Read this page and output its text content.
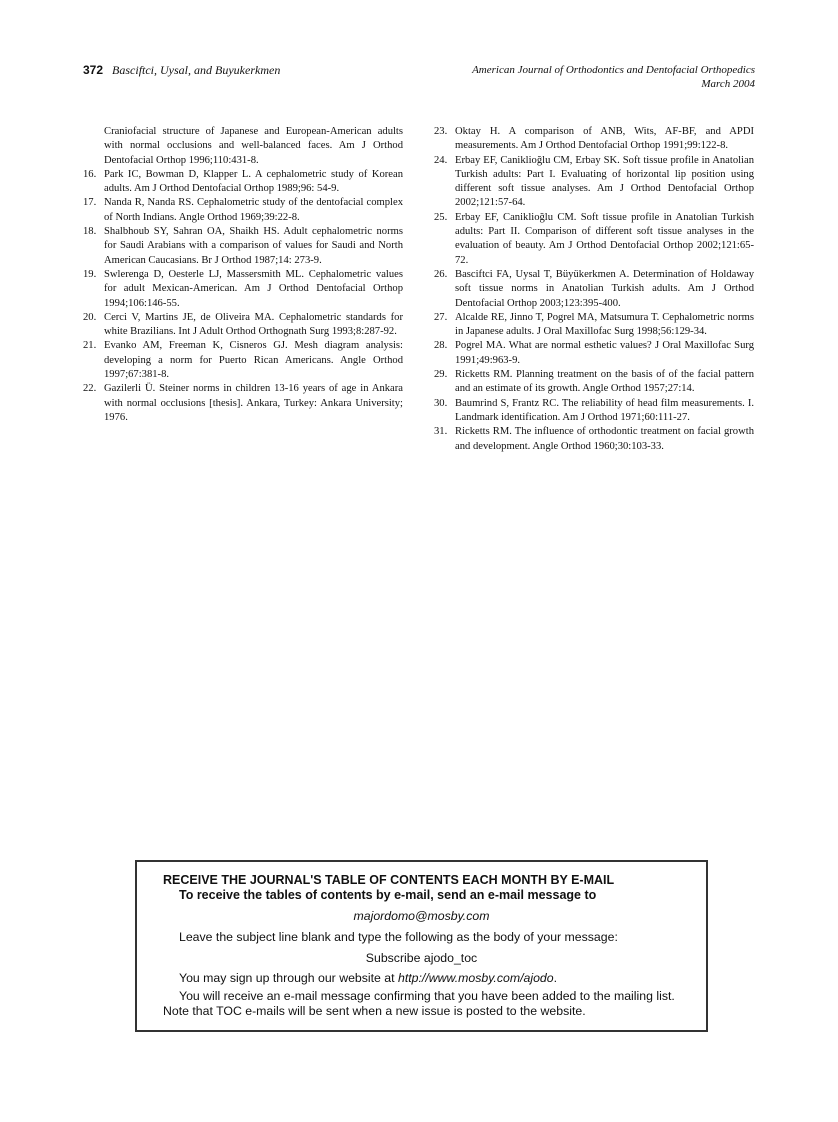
372 Basciftci, Uysal, and Buyukerkmen	American Journal of Orthodontics and Dentofacial Orthopedics
March 2004

Craniofacial structure of Japanese and European-American adults with normal occlusions and well-balanced faces. Am J Orthod Dentofacial Orthop 1996;110:431-8.

16. Park IC, Bowman D, Klapper L. A cephalometric study of Korean adults. Am J Orthod Dentofacial Orthop 1989;96: 54-9.

17. Nanda R, Nanda RS. Cephalometric study of the dentofacial complex of North Indians. Angle Orthod 1969;39:22-8.

18. Shalbhoub SY, Sahran OA, Shaikh HS. Adult cephalometric norms for Saudi Arabians with a comparison of values for Saudi and North American Caucasians. Br J Orthod 1987;14: 273-9.

19. Swlerenga D, Oesterle LJ, Massersmith ML. Cephalometric values for adult Mexican-American. Am J Orthod Dentofacial Orthop 1994;106:146-55.

20. Cerci V, Martins JE, de Oliveira MA. Cephalometric standards for white Brazilians. Int J Adult Orthod Orthognath Surg 1993;8:287-92.

21. Evanko AM, Freeman K, Cisneros GJ. Mesh diagram analysis: developing a norm for Puerto Rican Americans. Angle Orthod 1997;67:381-8.

22. Gazilerli Ü. Steiner norms in children 13-16 years of age in Ankara with normal occlusions [thesis]. Ankara, Turkey: Ankara University; 1976.

23. Oktay H. A comparison of ANB, Wits, AF-BF, and APDI measurements. Am J Orthod Dentofacial Orthop 1991;99:122-8.

24. Erbay EF, Caniklioğlu CM, Erbay SK. Soft tissue profile in Anatolian Turkish adults: Part I. Evaluating of horizontal lip position using different soft tissue analyses. Am J Orthod Dentofacial Orthop 2002;121:57-64.

25. Erbay EF, Caniklioğlu CM. Soft tissue profile in Anatolian Turkish adults: Part II. Comparison of different soft tissue analyses in the evaluation of beauty. Am J Orthod Dentofacial Orthop 2002;121:65-72.

26. Basciftci FA, Uysal T, Büyükerkmen A. Determination of Holdaway soft tissue norms in Anatolian Turkish adults. Am J Orthod Dentofacial Orthop 2003;123:395-400.

27. Alcalde RE, Jinno T, Pogrel MA, Matsumura T. Cephalometric norms in Japanese adults. J Oral Maxillofac Surg 1998;56:129-34.

28. Pogrel MA. What are normal esthetic values? J Oral Maxillofac Surg 1991;49:963-9.

29. Ricketts RM. Planning treatment on the basis of of the facial pattern and an estimate of its growth. Angle Orthod 1957;27:14.

30. Baumrind S, Frantz RC. The reliability of head film measurements. I. Landmark identification. Am J Orthod 1971;60:111-27.

31. Ricketts RM. The influence of orthodontic treatment on facial growth and development. Angle Orthod 1960;30:103-33.

RECEIVE THE JOURNAL'S TABLE OF CONTENTS EACH MONTH BY E-MAIL
To receive the tables of contents by e-mail, send an e-mail message to
majordomo@mosby.com
Leave the subject line blank and type the following as the body of your message:
Subscribe ajodo_toc
You may sign up through our website at http://www.mosby.com/ajodo.
You will receive an e-mail message confirming that you have been added to the mailing list. Note that TOC e-mails will be sent when a new issue is posted to the website.
